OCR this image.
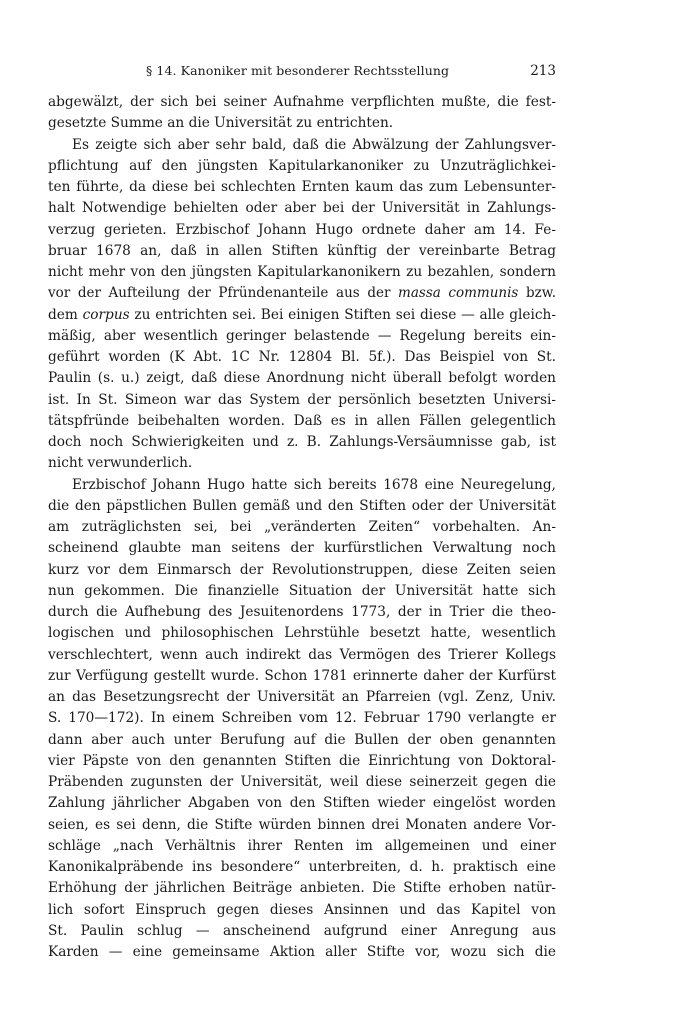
§ 14. Kanoniker mit besonderer Rechtsstellung	213
abgewälzt, der sich bei seiner Aufnahme verpflichten mußte, die fest-
gesetzte Summe an die Universität zu entrichten.
Es zeigte sich aber sehr bald, daß die Abwälzung der Zahlungsver-
pflichtung auf den jüngsten Kapitularkanoniker zu Unzuträglichkei-
ten führte, da diese bei schlechten Ernten kaum das zum Lebensunter-
halt Notwendige behielten oder aber bei der Universität in Zahlungs-
verzug gerieten. Erzbischof Johann Hugo ordnete daher am 14. Fe-
bruar 1678 an, daß in allen Stiften künftig der vereinbarte Betrag
nicht mehr von den jüngsten Kapitularkanonikern zu bezahlen, sondern
vor der Aufteilung der Pfründenanteile aus der massa communis bzw.
dem corpus zu entrichten sei. Bei einigen Stiften sei diese — alle gleich-
mäßig, aber wesentlich geringer belastende — Regelung bereits ein-
geführt worden (K Abt. 1C Nr. 12804 Bl. 5f.). Das Beispiel von St.
Paulin (s. u.) zeigt, daß diese Anordnung nicht überall befolgt worden
ist. In St. Simeon war das System der persönlich besetzten Universi-
tätspfründe beibehalten worden. Daß es in allen Fällen gelegentlich
doch noch Schwierigkeiten und z. B. Zahlungs-Versäumnisse gab, ist
nicht verwunderlich.
Erzbischof Johann Hugo hatte sich bereits 1678 eine Neuregelung,
die den päpstlichen Bullen gemäß und den Stiften oder der Universität
am zuträglichsten sei, bei „veränderten Zeiten“ vorbehalten. An-
scheinend glaubte man seitens der kurfürstlichen Verwaltung noch
kurz vor dem Einmarsch der Revolutionstruppen, diese Zeiten seien
nun gekommen. Die finanzielle Situation der Universität hatte sich
durch die Aufhebung des Jesuitenordens 1773, der in Trier die theo-
logischen und philosophischen Lehrstühle besetzt hatte, wesentlich
verschlechtert, wenn auch indirekt das Vermögen des Trierer Kollegs
zur Verfügung gestellt wurde. Schon 1781 erinnerte daher der Kurfürst
an das Besetzungsrecht der Universität an Pfarreien (vgl. Zenz, Univ.
S. 170—172). In einem Schreiben vom 12. Februar 1790 verlangte er
dann aber auch unter Berufung auf die Bullen der oben genannten
vier Päpste von den genannten Stiften die Einrichtung von Doktoral-
Präbenden zugunsten der Universität, weil diese seinerzeit gegen die
Zahlung jährlicher Abgaben von den Stiften wieder eingelöst worden
seien, es sei denn, die Stifte würden binnen drei Monaten andere Vor-
schläge „nach Verhältnis ihrer Renten im allgemeinen und einer
Kanonikalpräbende ins besondere“ unterbreiten, d. h. praktisch eine
Erhöhung der jährlichen Beiträge anbieten. Die Stifte erhoben natür-
lich sofort Einspruch gegen dieses Ansinnen und das Kapitel von
St. Paulin schlug — anscheinend aufgrund einer Anregung aus
Karden — eine gemeinsame Aktion aller Stifte vor, wozu sich die
